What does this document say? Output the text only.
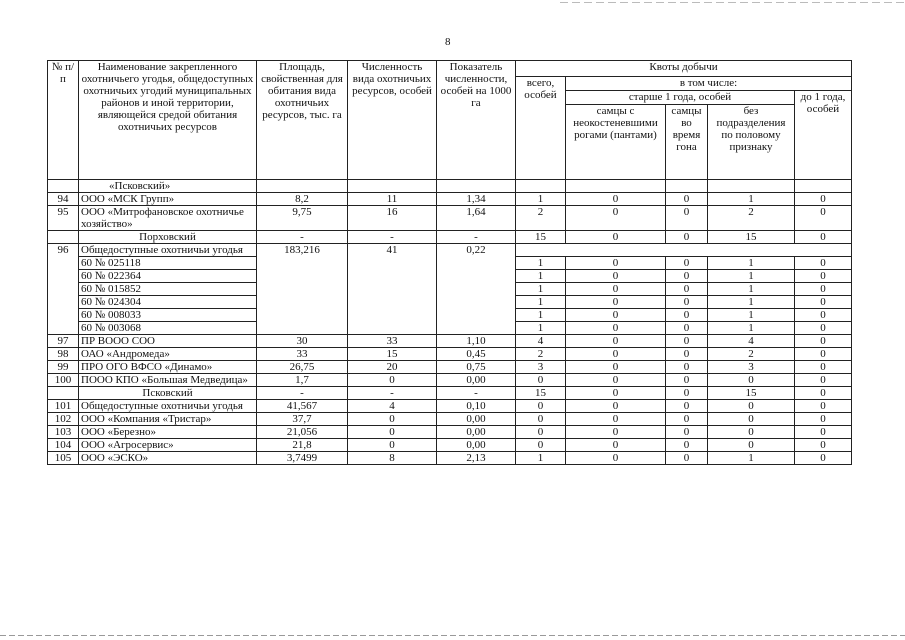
8
№ п/п	Наименование закрепленного охотничьего угодья, общедоступных охотничьих угодий муниципальных районов и иной территории, являющейся средой обитания охотничьих ресурсов	Площадь, свойственная для обитания вида охотничьих ресурсов, тыс. га	Численность вида охотничьих ресурсов, особей	Показатель численности, особей на 1000 га	Квоты добычи				
					всего, особей	в том числе:			
						старше 1 года, особей			до 1 года, особей
						самцы с неокостеневшими рогами (пантами)	самцы во время гона	без подразделения по половому признаку	
	«Псковский»								
94	ООО «МСК Групп»	8,2	11	1,34	1	0	0	1	0
95	ООО «Митрофановское охотничье хозяйство»	9,75	16	1,64	2	0	0	2	0
	Порховский	-	-	-	15	0	0	15	0
96	Общедоступные охотничьи угодья	183,216	41	0,22					
	60 № 025118				1	0	0	1	0
	60 № 022364				1	0	0	1	0
	60 № 015852				1	0	0	1	0
	60 № 024304				1	0	0	1	0
	60 № 008033				1	0	0	1	0
	60 № 003068				1	0	0	1	0
97	ПР ВООО СОО	30	33	1,10	4	0	0	4	0
98	ОАО «Андромеда»	33	15	0,45	2	0	0	2	0
99	ПРО ОГО ВФСО «Динамо»	26,75	20	0,75	3	0	0	3	0
100	ПООО КПО «Большая Медведица»	1,7	0	0,00	0	0	0	0	0
	Псковский	-	-	-	15	0	0	15	0
101	Общедоступные охотничьи угодья	41,567	4	0,10	0	0	0	0	0
102	ООО «Компания «Тристар»	37,7	0	0,00	0	0	0	0	0
103	ООО «Березно»	21,056	0	0,00	0	0	0	0	0
104	ООО «Агросервис»	21,8	0	0,00	0	0	0	0	0
105	ООО «ЭСКО»	3,7499	8	2,13	1	0	0	1	0
